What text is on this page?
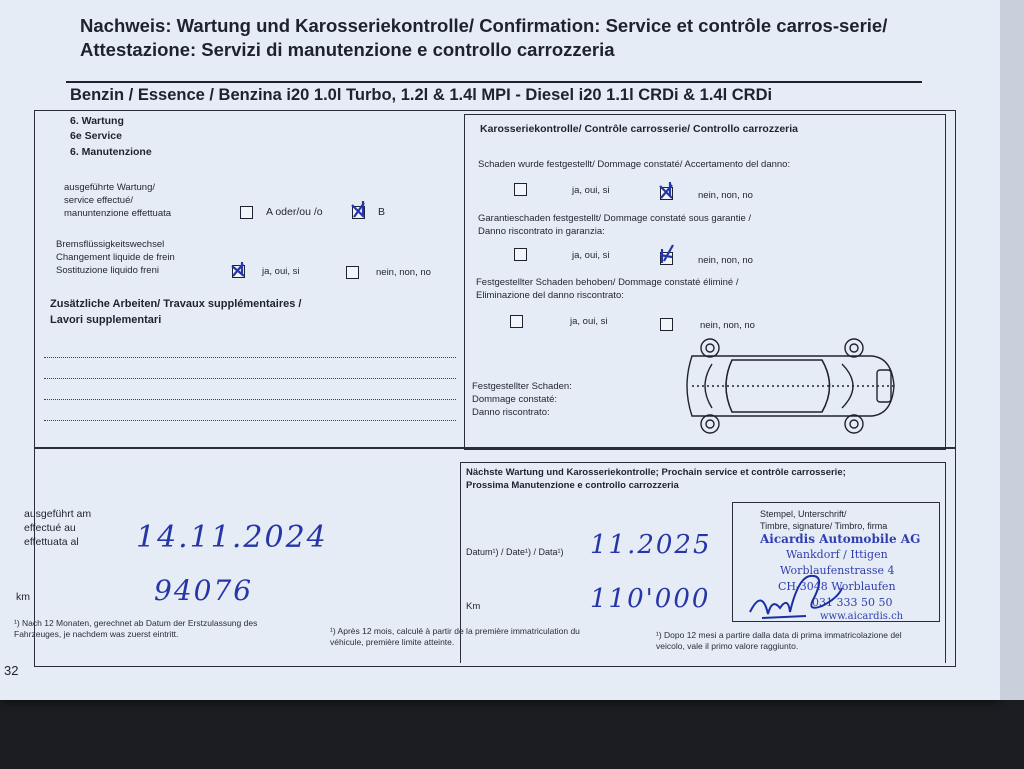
Nachweis: Wartung und Karosseriekontrolle/ Confirmation: Service et contrôle carros-serie/ Attestazione: Servizi di manutenzione e controllo carrozzeria
Benzin / Essence / Benzina i20 1.0l Turbo, 1.2l & 1.4l MPI - Diesel i20 1.1l CRDi & 1.4l CRDi
6. Wartung
6e Service
6. Manutenzione
ausgeführte Wartung/
service effectué/
manuntenzione effettuata	A oder/ou /o	B
Bremsflüssigkeitswechsel
Changement liquide de frein
Sostituzione liquido freni	ja, oui, si	nein, non, no
Zusätzliche Arbeiten/ Travaux supplémentaires /
Lavori supplementari
Karosseriekontrolle/ Contrôle carrosserie/ Controllo carrozzeria
Schaden wurde festgestellt/ Dommage constaté/ Accertamento del danno:
ja, oui, si	nein, non, no
Garantieschaden festgestellt/ Dommage constaté sous garantie /
Danno riscontrato in garanzia:
ja, oui, si	nein, non, no
Festgestellter Schaden behoben/ Dommage constaté éliminé /
Eliminazione del danno riscontrato:
ja, oui, si	nein, non, no
Festgestellter Schaden:
Dommage constaté:
Danno riscontrato:
ausgeführt am
effectué au
effettuata al 14.11.2024
km	94076
¹) Nach 12 Monaten, gerechnet ab Datum der Erstzulassung des Fahrzeuges, je nachdem was zuerst eintritt.
Nächste Wartung und Karosseriekontrolle; Prochain service et contrôle carrosserie;
Prossima Manutenzione e controllo carrozzeria
Stempel, Unterschrift/
Timbre, signature/ Timbro, firma
Datum¹) / Date¹) / Data¹) 11.2025
Km	110'000
¹) Après 12 mois, calculé à partir de la première immatriculation du véhicule, première limite atteinte.
¹) Dopo 12 mesi a partire dalla data di prima immatricolazione del veicolo, vale il primo valore raggiunto.
Aicardis Automobile AG
Wankdorf / Ittigen
Worblaufenstrasse 4
CH-3048 Worblaufen
031 333 50 50
www.aicardis.ch
32
